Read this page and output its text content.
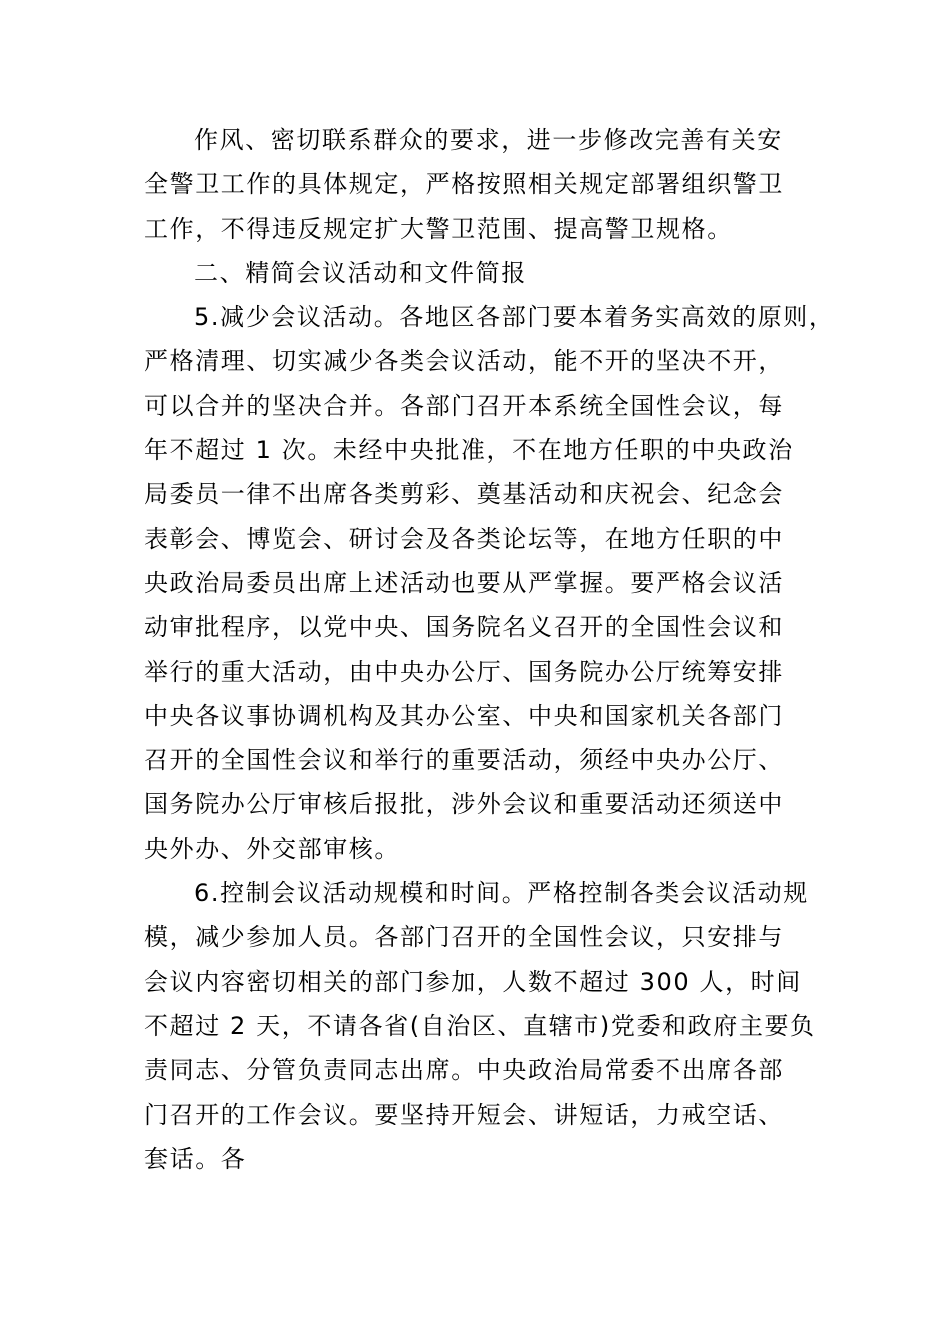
作风、密切联系群众的要求，进一步修改完善有关安
全警卫工作的具体规定，严格按照相关规定部署组织警卫
工作，不得违反规定扩大警卫范围、提高警卫规格。
二、精简会议活动和文件简报
5.减少会议活动。各地区各部门要本着务实高效的原则，
严格清理、切实减少各类会议活动，能不开的坚决不开，
可以合并的坚决合并。各部门召开本系统全国性会议，每
年不超过 1 次。未经中央批准，不在地方任职的中央政治
局委员一律不出席各类剪彩、奠基活动和庆祝会、纪念会
表彰会、博览会、研讨会及各类论坛等，在地方任职的中
央政治局委员出席上述活动也要从严掌握。要严格会议活
动审批程序，以党中央、国务院名义召开的全国性会议和
举行的重大活动，由中央办公厅、国务院办公厅统筹安排
中央各议事协调机构及其办公室、中央和国家机关各部门
召开的全国性会议和举行的重要活动，须经中央办公厅、
国务院办公厅审核后报批，涉外会议和重要活动还须送中
央外办、外交部审核。
6.控制会议活动规模和时间。严格控制各类会议活动规
模，减少参加人员。各部门召开的全国性会议，只安排与
会议内容密切相关的部门参加，人数不超过 300 人，时间
不超过 2 天，不请各省(自治区、直辖市)党委和政府主要负
责同志、分管负责同志出席。中央政治局常委不出席各部
门召开的工作会议。要坚持开短会、讲短话，力戒空话、
套话。各
